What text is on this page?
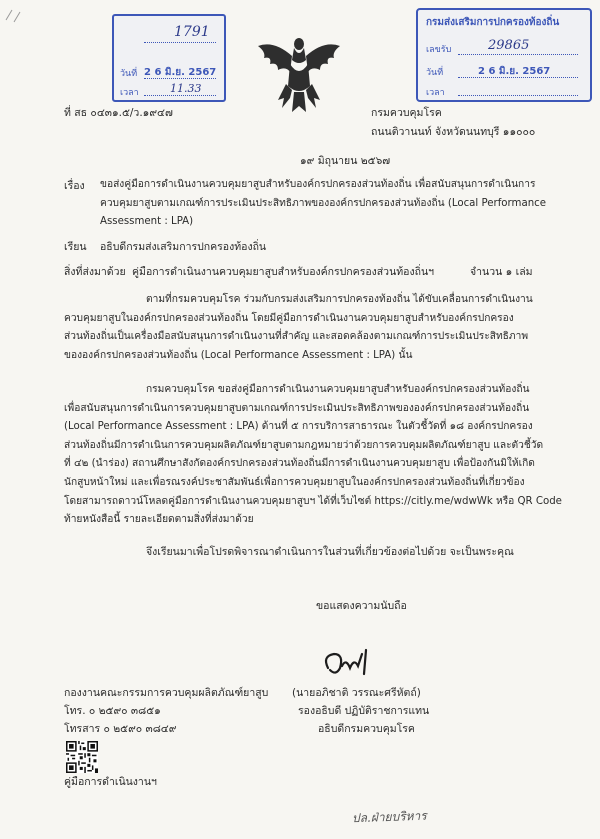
1791
วันที่ 2 6 มิ.ย. 2567
เวลา	11.33
กรมส่งเสริมการปกครองท้องถิ่น
เลขรับ	29865
วันที่	2 6 มิ.ย. 2567
เวลา
ที่ สธ ๐๔๓๑.๕/ว.๑๙๔๗	กรมควบคุมโรค
ถนนติวานนท์ จังหวัดนนทบุรี ๑๑๐๐๐
๑๙ มิถุนายน ๒๕๖๗
เรื่อง ขอส่งคู่มือการดำเนินงานควบคุมยาสูบสำหรับองค์กรปกครองส่วนท้องถิ่น เพื่อสนับสนุนการดำเนินการ
ควบคุมยาสูบตามเกณฑ์การประเมินประสิทธิภาพขององค์กรปกครองส่วนท้องถิ่น (Local Performance
Assessment : LPA)
เรียน อธิบดีกรมส่งเสริมการปกครองท้องถิ่น
สิ่งที่ส่งมาด้วย คู่มือการดำเนินงานควบคุมยาสูบสำหรับองค์กรปกครองส่วนท้องถิ่นฯ	จำนวน ๑ เล่ม
ตามที่กรมควบคุมโรค ร่วมกับกรมส่งเสริมการปกครองท้องถิ่น ได้ขับเคลื่อนการดำเนินงาน
ควบคุมยาสูบในองค์กรปกครองส่วนท้องถิ่น โดยมีคู่มือการดำเนินงานควบคุมยาสูบสำหรับองค์กรปกครอง
ส่วนท้องถิ่นเป็นเครื่องมือสนับสนุนการดำเนินงานที่สำคัญ และสอดคล้องตามเกณฑ์การประเมินประสิทธิภาพ
ขององค์กรปกครองส่วนท้องถิ่น (Local Performance Assessment : LPA) นั้น
กรมควบคุมโรค ขอส่งคู่มือการดำเนินงานควบคุมยาสูบสำหรับองค์กรปกครองส่วนท้องถิ่น
เพื่อสนับสนุนการดำเนินการควบคุมยาสูบตามเกณฑ์การประเมินประสิทธิภาพขององค์กรปกครองส่วนท้องถิ่น
(Local Performance Assessment : LPA) ด้านที่ ๕ การบริการสาธารณะ ในตัวชี้วัดที่ ๑๘ องค์กรปกครอง
ส่วนท้องถิ่นมีการดำเนินการควบคุมผลิตภัณฑ์ยาสูบตามกฎหมายว่าด้วยการควบคุมผลิตภัณฑ์ยาสูบ และตัวชี้วัด
ที่ ๔๒ (นำร่อง) สถานศึกษาสังกัดองค์กรปกครองส่วนท้องถิ่นมีการดำเนินงานควบคุมยาสูบ เพื่อป้องกันมิให้เกิด
นักสูบหน้าใหม่ และเพื่อรณรงค์ประชาสัมพันธ์เพื่อการควบคุมยาสูบในองค์กรปกครองส่วนท้องถิ่นที่เกี่ยวข้อง
โดยสามารถดาวน์โหลดคู่มือการดำเนินงานควบคุมยาสูบฯ ได้ที่เว็บไซต์ https://citly.me/wdwWk หรือ QR Code
ท้ายหนังสือนี้ รายละเอียดตามสิ่งที่ส่งมาด้วย
จึงเรียนมาเพื่อโปรดพิจารณาดำเนินการในส่วนที่เกี่ยวข้องต่อไปด้วย จะเป็นพระคุณ
ขอแสดงความนับถือ
(นายอภิชาติ วรรณะศรีหัตถ์)
รองอธิบดี ปฏิบัติราชการแทน
อธิบดีกรมควบคุมโรค
กองงานคณะกรรมการควบคุมผลิตภัณฑ์ยาสูบ
โทร. ๐ ๒๕๙๐ ๓๘๕๑
โทรสาร ๐ ๒๕๙๐ ๓๘๔๙
คู่มือการดำเนินงานฯ
ปล.ฝ่ายบริหาร
